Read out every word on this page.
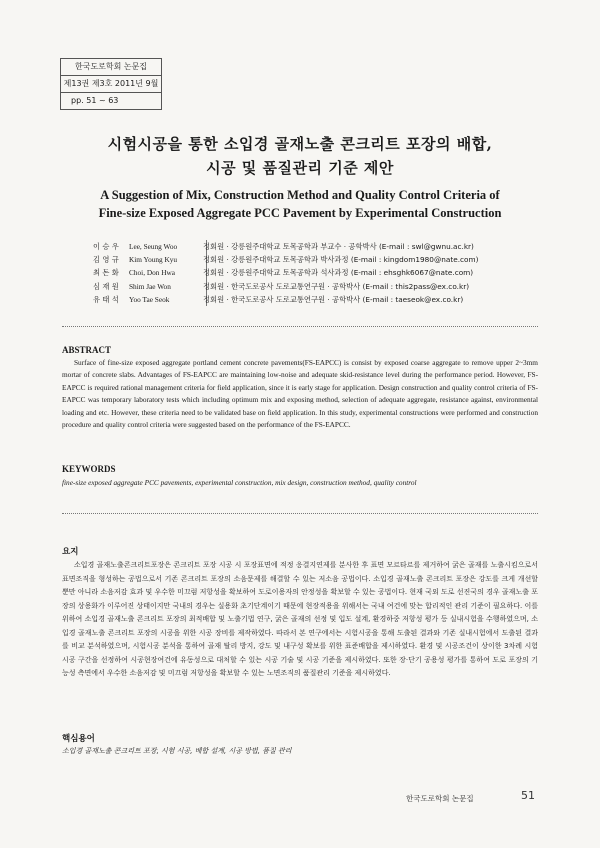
한국도로학회 논문집
제13권 제3호 2011년 9월
pp. 51 ~ 63
시험시공을 통한 소입경 골재노출 콘크리트 포장의 배합,
시공 및 품질관리 기준 제안
A Suggestion of Mix, Construction Method and Quality Control Criteria of
Fine-size Exposed Aggregate PCC Pavement by Experimental Construction
이 승 우	Lee, Seung Woo	정회원 · 강릉원주대학교 토목공학과 부교수 · 공학박사 (E-mail : swl@gwnu.ac.kr)
김 영 규	Kim Young Kyu	정회원 · 강릉원주대학교 토목공학과 박사과정 (E-mail : kingdom1980@nate.com)
최 돈 화	Choi, Don Hwa	정회원 · 강릉원주대학교 토목공학과 석사과정 (E-mail : ehsghk6067@nate.com)
심 재 원	Shim Jae Won	정회원 · 한국도로공사 도로교통연구원 · 공학박사 (E-mail : this2pass@ex.co.kr)
유 태 석	Yoo Tae Seok	정회원 · 한국도로공사 도로교통연구원 · 공학박사 (E-mail : taeseok@ex.co.kr)
ABSTRACT
Surface of fine-size exposed aggregate portland cement concrete pavements(FS-EAPCC) is consist by exposed coarse aggregate to remove upper 2~3mm mortar of concrete slabs. Advantages of FS-EAPCC are maintaining low-noise and adequate skid-resistance level during the performance period. However, FS-EAPCC is required rational management criteria for field application, since it is early stage for application. Design construction and quality control criteria of FS-EAPCC was temporary laboratory tests which including optimum mix and exposing method, selection of adequate aggregate, resistance against, environmental loading and etc. However, these criteria need to be validated base on field application. In this study, experimental constructions were performed and construction procedure and quality control criteria were suggested based on the performance of the FS-EAPCC.
KEYWORDS
fine-size exposed aggregate PCC pavements, experimental construction, mix design, construction method, quality control
요지
소입경 골재노출콘크리트포장은 콘크리트 포장 시공 시 포장표면에 적정 응결지연제를 분사한 후 표면 모르타르를 제거하여 굵은 골재를 노출시킴으로서 표면조직을 형성하는 공법으로서 기존 콘크리트 포장의 소음문제를 해결할 수 있는 저소음 공법이다. 소입경 골재노출 콘크리트 포장은 강도를 크게 개선할 뿐만 아니라 소음저감 효과 및 우수한 미끄럼 저항성을 확보하여 도로이용자의 안정성을 확보할 수 있는 공법이다. 현재 국외 도로 선진국의 경우 골재노출 포장의 상용화가 이루어진 상태이지만 국내의 경우는 실용화 초기단계이기 때문에 현장적용을 위해서는 국내 여건에 맞는 합리적인 관리 기준이 필요하다. 이를 위하여 소입경 골재노출 콘크리트 포장의 최적배합 및 노출기법 연구, 굵은 골재의 선정 및 입도 설계, 환경하중 저항성 평가 등 실내시험을 수행하였으며, 소입경 골재노출 콘크리트 포장의 시공을 위한 시공 장비를 제작하였다. 따라서 본 연구에서는 시험시공을 통해 도출된 결과와 기존 실내시험에서 도출된 결과를 비교 분석하였으며, 시험시공 분석을 통하여 골재 탈리 방지, 강도 및 내구성 확보를 위한 표준배합을 제시하였다. 환경 및 시공조건이 상이한 3차례 시험시공 구간을 선정하여 시공현장여건에 유동성으로 대처할 수 있는 시공 기술 및 시공 기준을 제시하였다. 또한 장·단기 공용성 평가를 통하여 도로 포장의 기능성 측면에서 우수한 소음저감 및 미끄럼 저항성을 확보할 수 있는 노면조직의 품질관리 기준을 제시하였다.
핵심용어
소입경 골재노출 콘크리트 포장, 시험 시공, 배합 설계, 시공 방법, 품질 관리
한국도로학회 논문집	51
